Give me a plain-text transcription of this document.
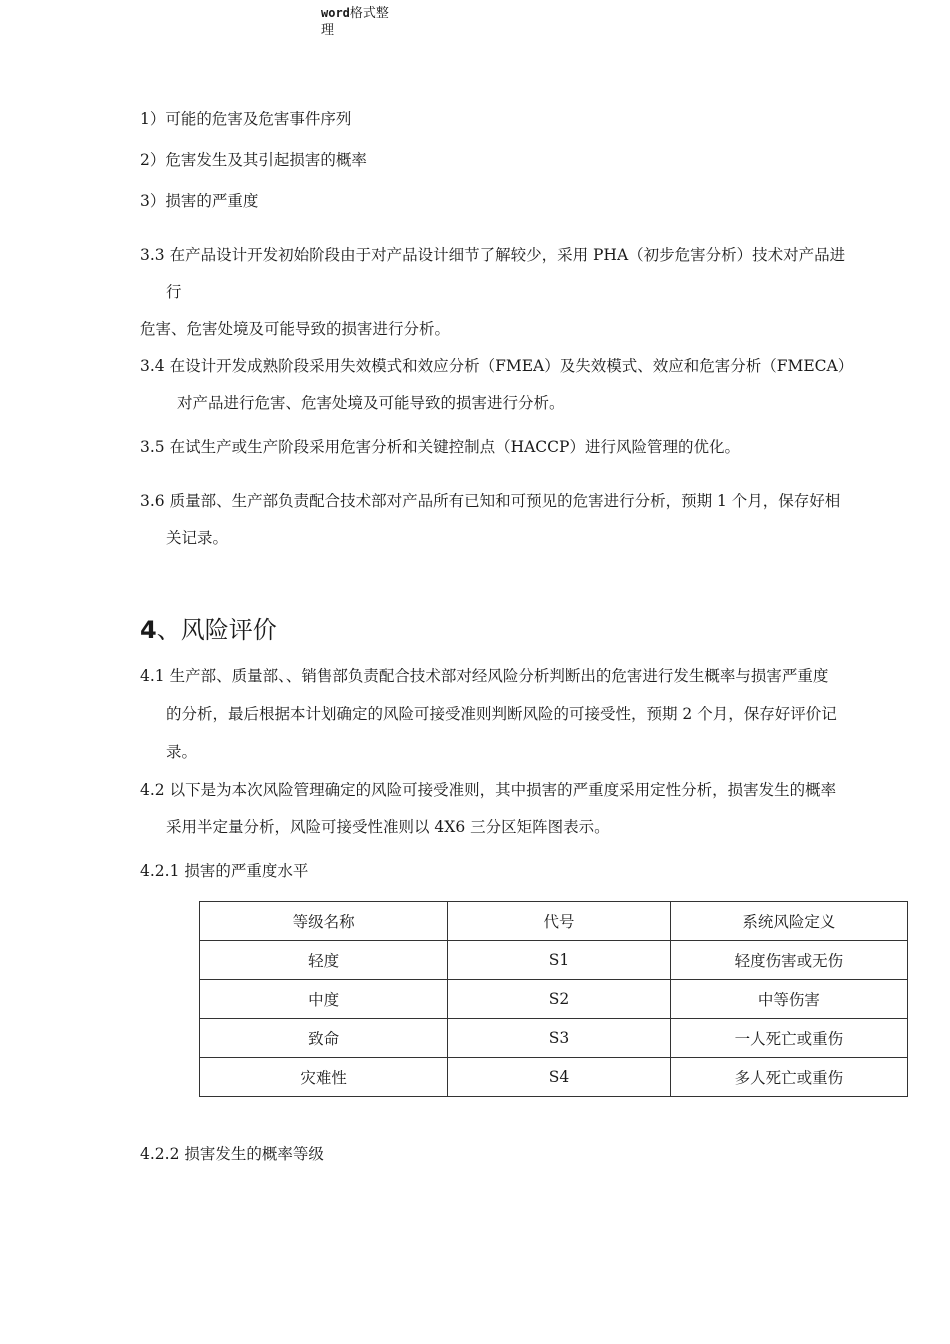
word格式整
理
1）可能的危害及危害事件序列
2）危害发生及其引起损害的概率
3）损害的严重度
3.3 在产品设计开发初始阶段由于对产品设计细节了解较少，采用 PHA（初步危害分析）技术对产品进
行
危害、危害处境及可能导致的损害进行分析。
3.4 在设计开发成熟阶段采用失效模式和效应分析（FMEA）及失效模式、效应和危害分析（FMECA）
对产品进行危害、危害处境及可能导致的损害进行分析。
3.5 在试生产或生产阶段采用危害分析和关键控制点（HACCP）进行风险管理的优化。
3.6 质量部、生产部负责配合技术部对产品所有已知和可预见的危害进行分析，预期 1 个月，保存好相
关记录。
4、风险评价
4.1 生产部、质量部、、销售部负责配合技术部对经风险分析判断出的危害进行发生概率与损害严重度
的分析，最后根据本计划确定的风险可接受准则判断风险的可接受性，预期 2 个月，保存好评价记
录。
4.2 以下是为本次风险管理确定的风险可接受准则，其中损害的严重度采用定性分析，损害发生的概率
采用半定量分析，风险可接受性准则以 4X6 三分区矩阵图表示。
4.2.1 损害的严重度水平
等级名称	代号	系统风险定义
轻度	S1	轻度伤害或无伤
中度	S2	中等伤害
致命	S3	一人死亡或重伤
灾难性	S4	多人死亡或重伤
4.2.2 损害发生的概率等级
